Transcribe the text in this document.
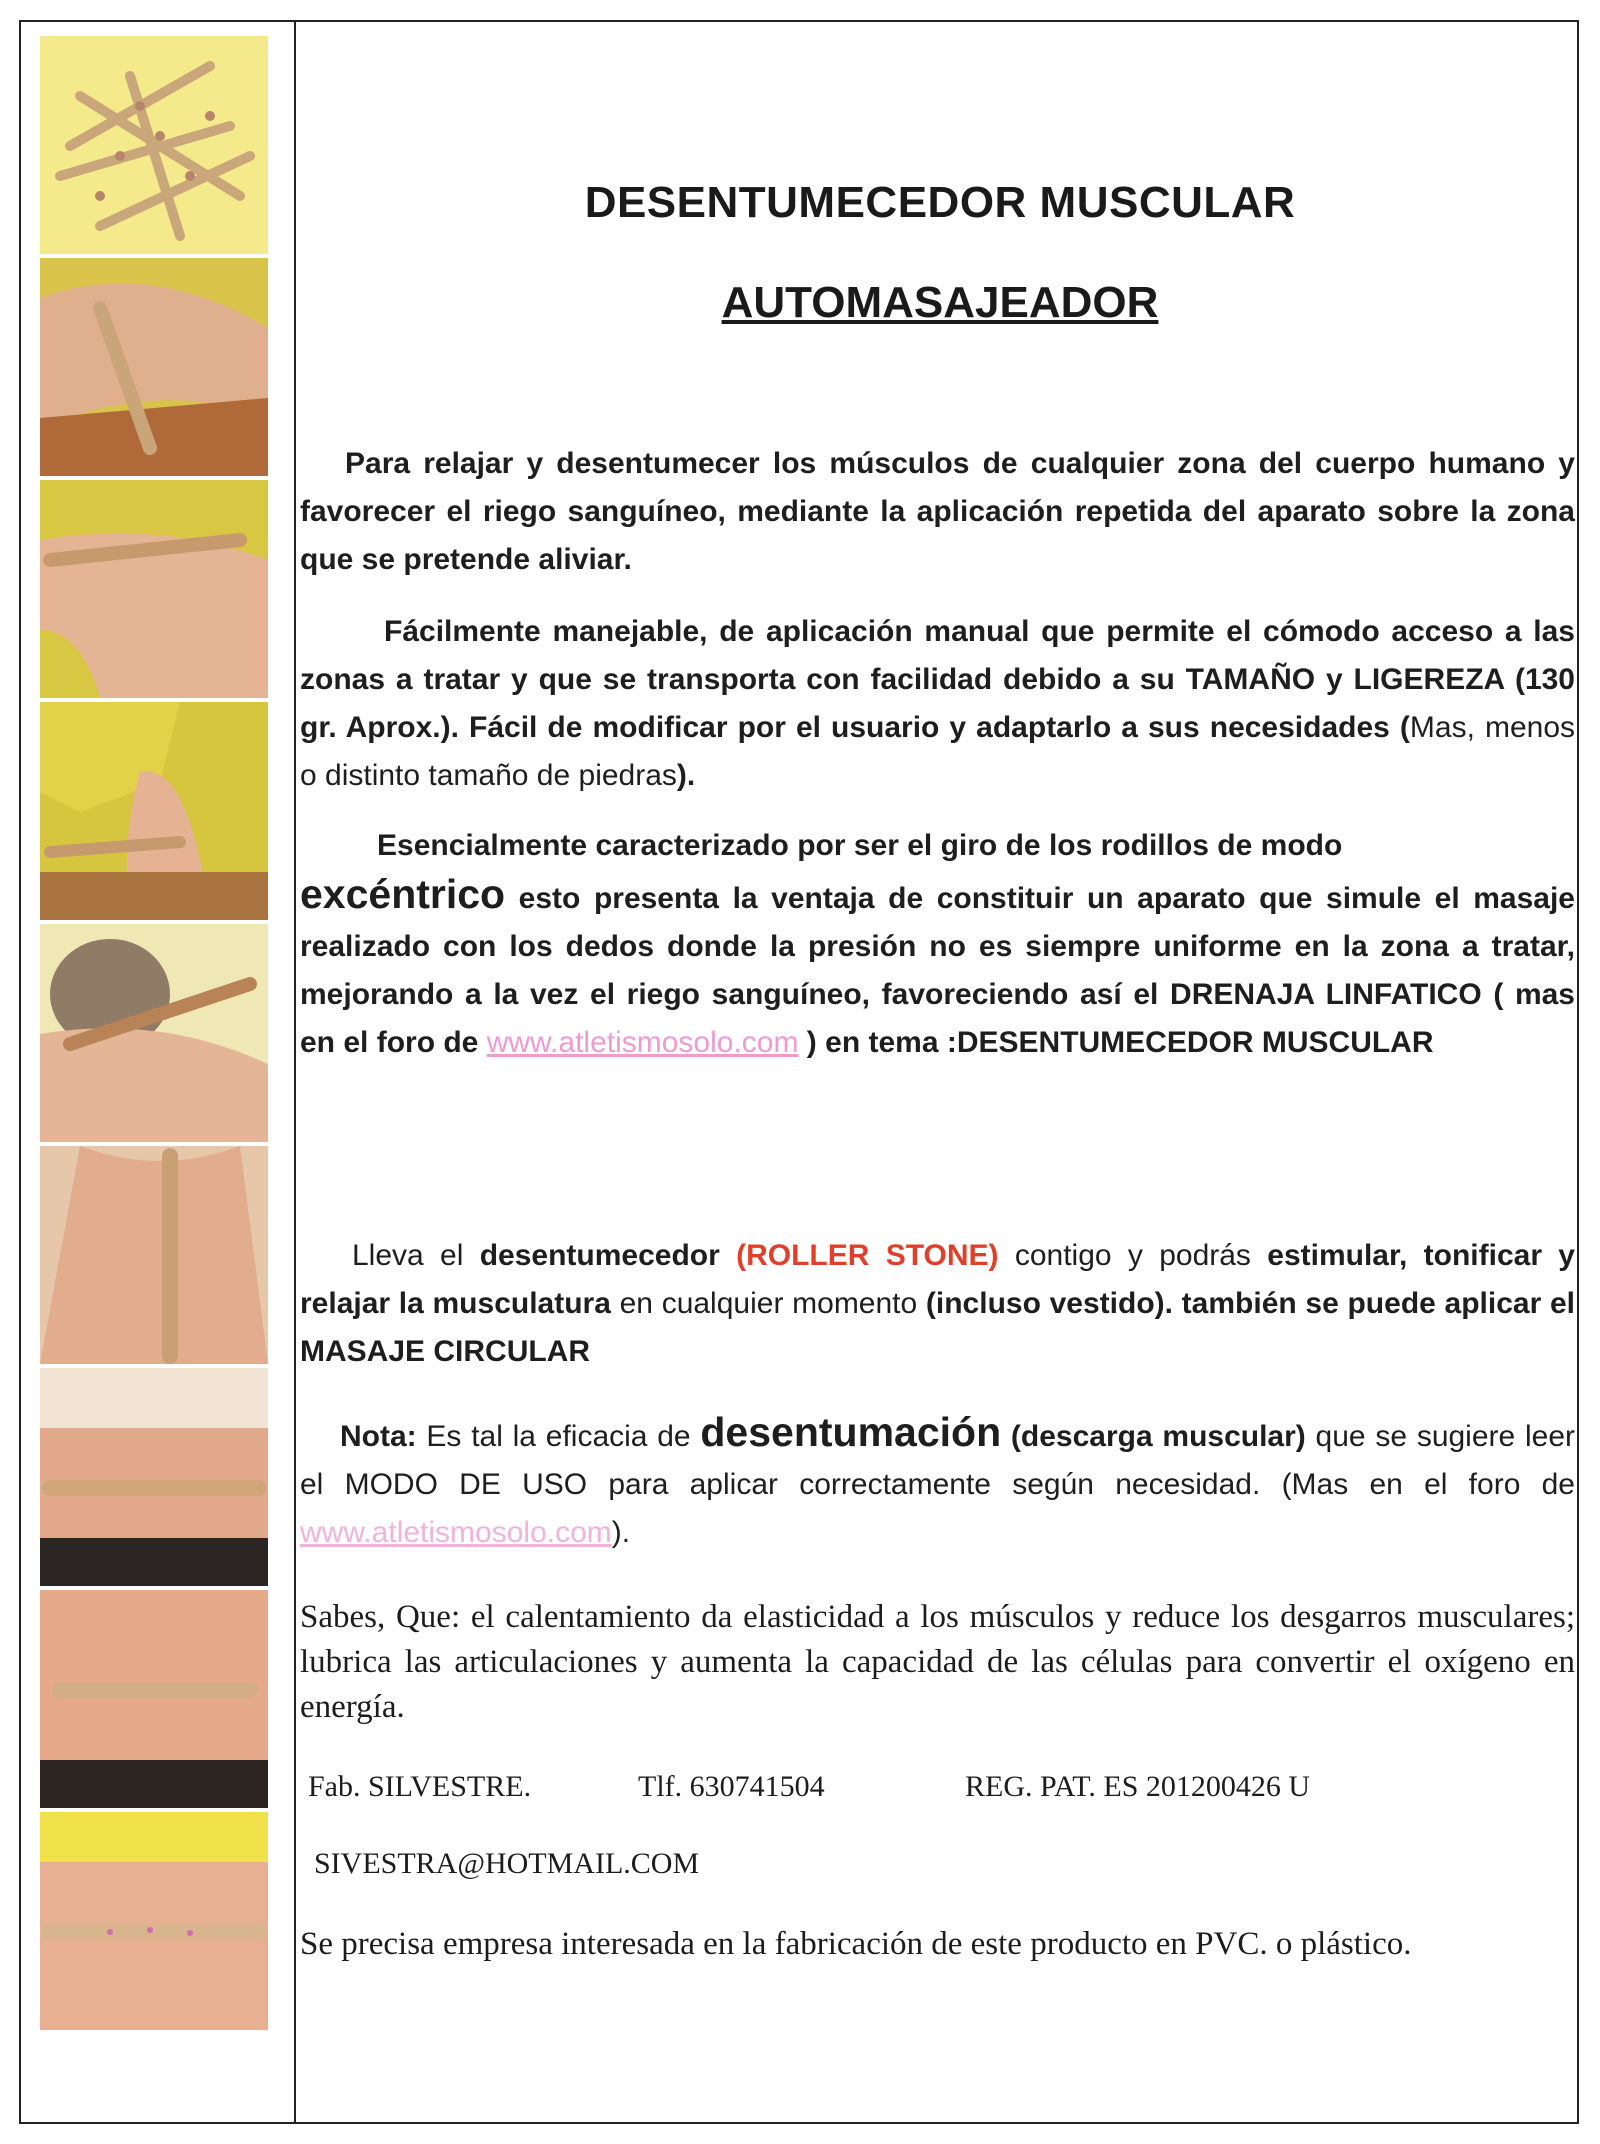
DESENTUMECEDOR MUSCULAR
AUTOMASAJEADOR
Para relajar y desentumecer los músculos de cualquier zona del cuerpo humano y favorecer el riego sanguíneo, mediante la aplicación repetida del aparato sobre la zona que se pretende aliviar.
Fácilmente manejable, de aplicación manual que permite el cómodo acceso a las zonas a tratar y que se transporta con facilidad debido a su TAMAÑO y LIGEREZA (130 gr. Aprox.). Fácil de modificar por el usuario y adaptarlo a sus necesidades (Mas, menos o distinto tamaño de piedras).
Esencialmente caracterizado por ser el giro de los rodillos de modo
excéntrico esto presenta la ventaja de constituir un aparato que simule el masaje realizado con los dedos donde la presión no es siempre uniforme en la zona a tratar, mejorando a la vez el riego sanguíneo, favoreciendo así el DRENAJA LINFATICO ( mas en el foro de www.atletismosolo.com ) en tema :DESENTUMECEDOR MUSCULAR
Lleva el desentumecedor (ROLLER STONE) contigo y podrás estimular, tonificar y relajar la musculatura en cualquier momento (incluso vestido). también se puede aplicar el MASAJE CIRCULAR
Nota: Es tal la eficacia de desentumación (descarga muscular) que se sugiere leer el MODO DE USO para aplicar correctamente según necesidad. (Mas en el foro de www.atletismosolo.com).
Sabes, Que: el calentamiento da elasticidad a los músculos y reduce los desgarros musculares; lubrica las articulaciones y aumenta la capacidad de las células para convertir el oxígeno en energía.
Fab. SILVESTRE.	Tlf. 630741504	REG. PAT. ES 201200426 U
SIVESTRA@HOTMAIL.COM
Se precisa empresa interesada en la fabricación de este producto en PVC. o plástico.
